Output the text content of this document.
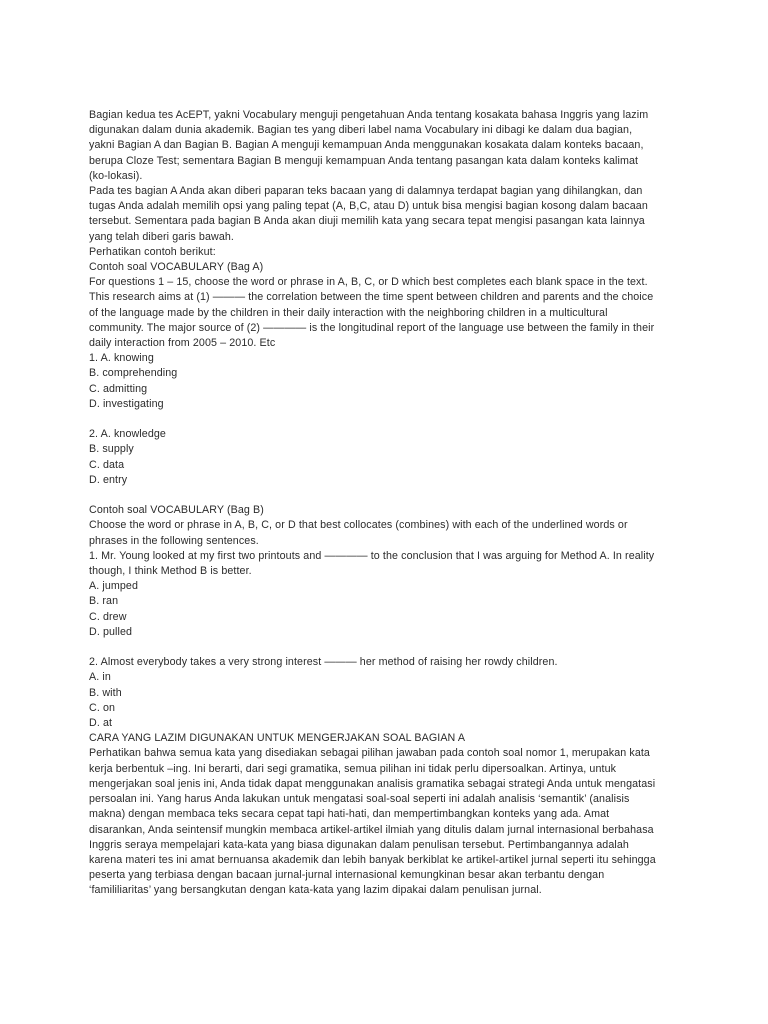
Bagian kedua tes AcEPT, yakni Vocabulary menguji pengetahuan Anda tentang kosakata bahasa Inggris yang lazim
digunakan dalam dunia akademik. Bagian tes yang diberi label nama Vocabulary ini dibagi ke dalam dua bagian,
yakni Bagian A dan Bagian B. Bagian A menguji kemampuan Anda menggunakan kosakata dalam konteks bacaan,
berupa Cloze Test; sementara Bagian B menguji kemampuan Anda tentang pasangan kata dalam konteks kalimat
(ko-lokasi).
Pada tes bagian A Anda akan diberi paparan teks bacaan yang di dalamnya terdapat bagian yang dihilangkan, dan
tugas Anda adalah memilih opsi yang paling tepat (A, B,C, atau D) untuk bisa mengisi bagian kosong dalam bacaan
tersebut. Sementara pada bagian B Anda akan diuji memilih kata yang secara tepat mengisi pasangan kata lainnya
yang telah diberi garis bawah.
Perhatikan contoh berikut:
Contoh soal VOCABULARY (Bag A)
For questions 1 – 15, choose the word or phrase in A, B, C, or D which best completes each blank space in the text.
This research aims at (1) ——— the correlation between the time spent between children and parents and the choice
of the language made by the children in their daily interaction with the neighboring children in a multicultural
community. The major source of (2) ———— is the longitudinal report of the language use between the family in their
daily interaction from 2005 – 2010. Etc
1. A. knowing
B. comprehending
C. admitting
D. investigating
2. A. knowledge
B. supply
C. data
D. entry
Contoh soal VOCABULARY (Bag B)
Choose the word or phrase in A, B, C, or D that best collocates (combines) with each of the underlined words or
phrases in the following sentences.
1. Mr. Young looked at my first two printouts and ———— to the conclusion that I was arguing for Method A. In reality
though, I think Method B is better.
A. jumped
B. ran
C. drew
D. pulled
2. Almost everybody takes a very strong interest ——— her method of raising her rowdy children.
A. in
B. with
C. on
D. at
CARA YANG LAZIM DIGUNAKAN UNTUK MENGERJAKAN SOAL BAGIAN A
Perhatikan bahwa semua kata yang disediakan sebagai pilihan jawaban pada contoh soal nomor 1, merupakan kata
kerja berbentuk –ing. Ini berarti, dari segi gramatika, semua pilihan ini tidak perlu dipersoalkan. Artinya, untuk
mengerjakan soal jenis ini, Anda tidak dapat menggunakan analisis gramatika sebagai strategi Anda untuk mengatasi
persoalan ini. Yang harus Anda lakukan untuk mengatasi soal-soal seperti ini adalah analisis ‘semantik’ (analisis
makna) dengan membaca teks secara cepat tapi hati-hati, dan mempertimbangkan konteks yang ada. Amat
disarankan, Anda seintensif mungkin membaca artikel-artikel ilmiah yang ditulis dalam jurnal internasional berbahasa
Inggris seraya mempelajari kata-kata yang biasa digunakan dalam penulisan tersebut. Pertimbangannya adalah
karena materi tes ini amat bernuansa akademik dan lebih banyak berkiblat ke artikel-artikel jurnal seperti itu sehingga
peserta yang terbiasa dengan bacaan jurnal-jurnal internasional kemungkinan besar akan terbantu dengan
‘famililiaritas’ yang bersangkutan dengan kata-kata yang lazim dipakai dalam penulisan jurnal.
